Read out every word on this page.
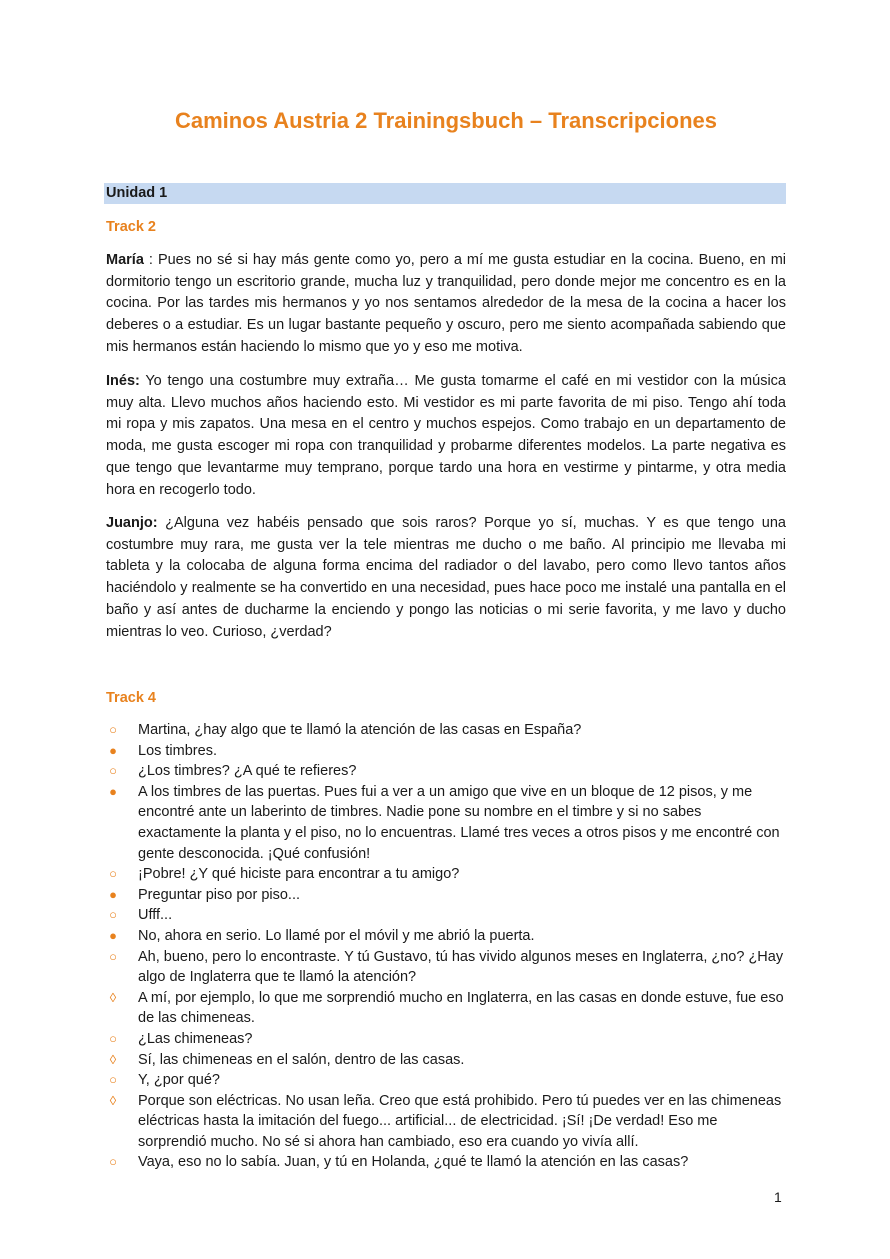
Caminos Austria 2 Trainingsbuch – Transcripciones
Unidad 1
Track 2

María : Pues no sé si hay más gente como yo, pero a mí me gusta estudiar en la cocina. Bueno, en mi dormitorio tengo un escritorio grande, mucha luz y tranquilidad, pero donde mejor me concentro es en la cocina. Por las tardes mis hermanos y yo nos sentamos alrededor de la mesa de la cocina a hacer los deberes o a estudiar. Es un lugar bastante pequeño y oscuro, pero me siento acompañada sabiendo que mis hermanos están haciendo lo mismo que yo y eso me motiva.

Inés: Yo tengo una costumbre muy extraña… Me gusta tomarme el café en mi vestidor con la música muy alta. Llevo muchos años haciendo esto. Mi vestidor es mi parte favorita de mi piso. Tengo ahí toda mi ropa y mis zapatos. Una mesa en el centro y muchos espejos. Como trabajo en un departamento de moda, me gusta escoger mi ropa con tranquilidad y probarme diferentes modelos. La parte negativa es que tengo que levantarme muy temprano, porque tardo una hora en vestirme y pintarme, y otra media hora en recogerlo todo.

Juanjo: ¿Alguna vez habéis pensado que sois raros? Porque yo sí, muchas. Y es que tengo una costumbre muy rara, me gusta ver la tele mientras me ducho o me baño. Al principio me llevaba mi tableta y la colocaba de alguna forma encima del radiador o del lavabo, pero como llevo tantos años haciéndolo y realmente se ha convertido en una necesidad, pues hace poco me instalé una pantalla en el baño y así antes de ducharme la enciendo y pongo las noticias o mi serie favorita, y me lavo y ducho mientras lo veo. Curioso, ¿verdad?

Track 4
○ Martina, ¿hay algo que te llamó la atención de las casas en España?
● Los timbres.
○ ¿Los timbres? ¿A qué te refieres?
● A los timbres de las puertas. Pues fui a ver a un amigo que vive en un bloque de 12 pisos, y me encontré ante un laberinto de timbres. Nadie pone su nombre en el timbre y si no sabes exactamente la planta y el piso, no lo encuentras. Llamé tres veces a otros pisos y me encontré con gente desconocida. ¡Qué confusión!
○ ¡Pobre! ¿Y qué hiciste para encontrar a tu amigo?
● Preguntar piso por piso...
○ Ufff...
● No, ahora en serio. Lo llamé por el móvil y me abrió la puerta.
○ Ah, bueno, pero lo encontraste. Y tú Gustavo, tú has vivido algunos meses en Inglaterra, ¿no? ¿Hay algo de Inglaterra que te llamó la atención?
◊ A mí, por ejemplo, lo que me sorprendió mucho en Inglaterra, en las casas en donde estuve, fue eso de las chimeneas.
○ ¿Las chimeneas?
◊ Sí, las chimeneas en el salón, dentro de las casas.
○ Y, ¿por qué?
◊ Porque son eléctricas. No usan leña. Creo que está prohibido. Pero tú puedes ver en las chimeneas eléctricas hasta la imitación del fuego... artificial... de electricidad. ¡Sí! ¡De verdad! Eso me sorprendió mucho. No sé si ahora han cambiado, eso era cuando yo vivía allí.
○ Vaya, eso no lo sabía. Juan, y tú en Holanda, ¿qué te llamó la atención en las casas?
1
